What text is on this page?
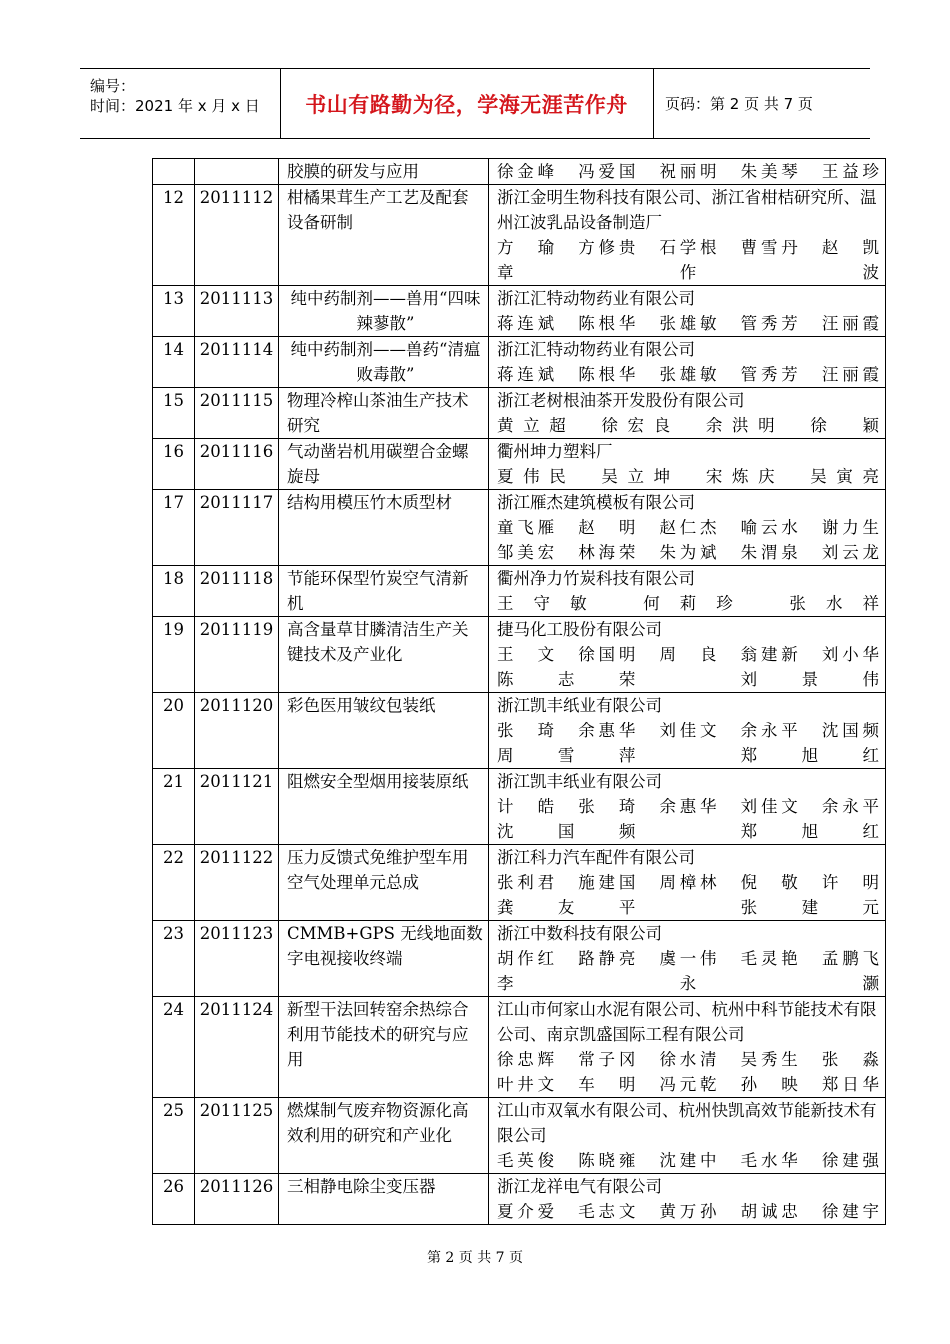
编号：
时间：2021 年 x 月 x 日 书山有路勤为径，学海无涯苦作舟 页码：第 2 页 共 7 页
		胶膜的研发与应用	徐金峰　冯爱国　祝丽明　朱美琴　王益珍

12	2011112	柑橘果茸生产工艺及配套设备研制	浙江金明生物科技有限公司、浙江省柑桔研究所、温州江波乳品设备制造厂
方　瑜　方修贵　石学根　曹雪丹　赵　凯
章作波

13	2011113	纯中药制剂——兽用“四味辣蓼散”	浙江汇特动物药业有限公司
蒋连斌　陈根华　张雄敏　管秀芳　汪丽霞

14	2011114	纯中药制剂——兽药“清瘟败毒散”	浙江汇特动物药业有限公司
蒋连斌　陈根华　张雄敏　管秀芳　汪丽霞

15	2011115	物理冷榨山茶油生产技术研究	浙江老树根油茶开发股份有限公司
黄立超　徐宏良　余洪明　徐　颖

16	2011116	气动凿岩机用碳塑合金螺旋母	衢州坤力塑料厂
夏伟民　吴立坤　宋炼庆　吴寅亮

17	2011117	结构用模压竹木质型材	浙江雁杰建筑模板有限公司
童飞雁　赵　明　赵仁杰　喻云水　谢力生
邹美宏　林海荣　朱为斌　朱渭泉　刘云龙

18	2011118	节能环保型竹炭空气清新机	衢州净力竹炭科技有限公司
王守敏　何莉珍　张水祥

19	2011119	高含量草甘膦清洁生产关键技术及产业化	捷马化工股份有限公司
王　文　徐国明　周　良　翁建新　刘小华
陈志荣　刘景伟

20	2011120	彩色医用皱纹包装纸	浙江凯丰纸业有限公司
张　琦　余惠华　刘佳文　余永平　沈国频
周雪萍　郑旭红

21	2011121	阻燃安全型烟用接装原纸	浙江凯丰纸业有限公司
计　皓　张　琦　余惠华　刘佳文　余永平
沈国频　郑旭红

22	2011122	压力反馈式免维护型车用空气处理单元总成	浙江科力汽车配件有限公司
张利君　施建国　周樟林　倪　敬　许　明
龚友平　张建元

23	2011123	CMMB+GPS 无线地面数字电视接收终端	浙江中数科技有限公司
胡作红　路静亮　虞一伟　毛灵艳　孟鹏飞
李永灏

24	2011124	新型干法回转窑余热综合利用节能技术的研究与应用	江山市何家山水泥有限公司、杭州中科节能技术有限公司、南京凯盛国际工程有限公司
徐忠辉　常子冈　徐水清　吴秀生　张　淼
叶井文　车　明　冯元乾　孙　映　郑日华

25	2011125	燃煤制气废弃物资源化高效利用的研究和产业化	江山市双氧水有限公司、杭州快凯高效节能新技术有限公司
毛英俊　陈晓雍　沈建中　毛水华　徐建强

26	2011126	三相静电除尘变压器	浙江龙祥电气有限公司
夏介爱　毛志文　黄万孙　胡诚忠　徐建宇
第 2 页 共 7 页
